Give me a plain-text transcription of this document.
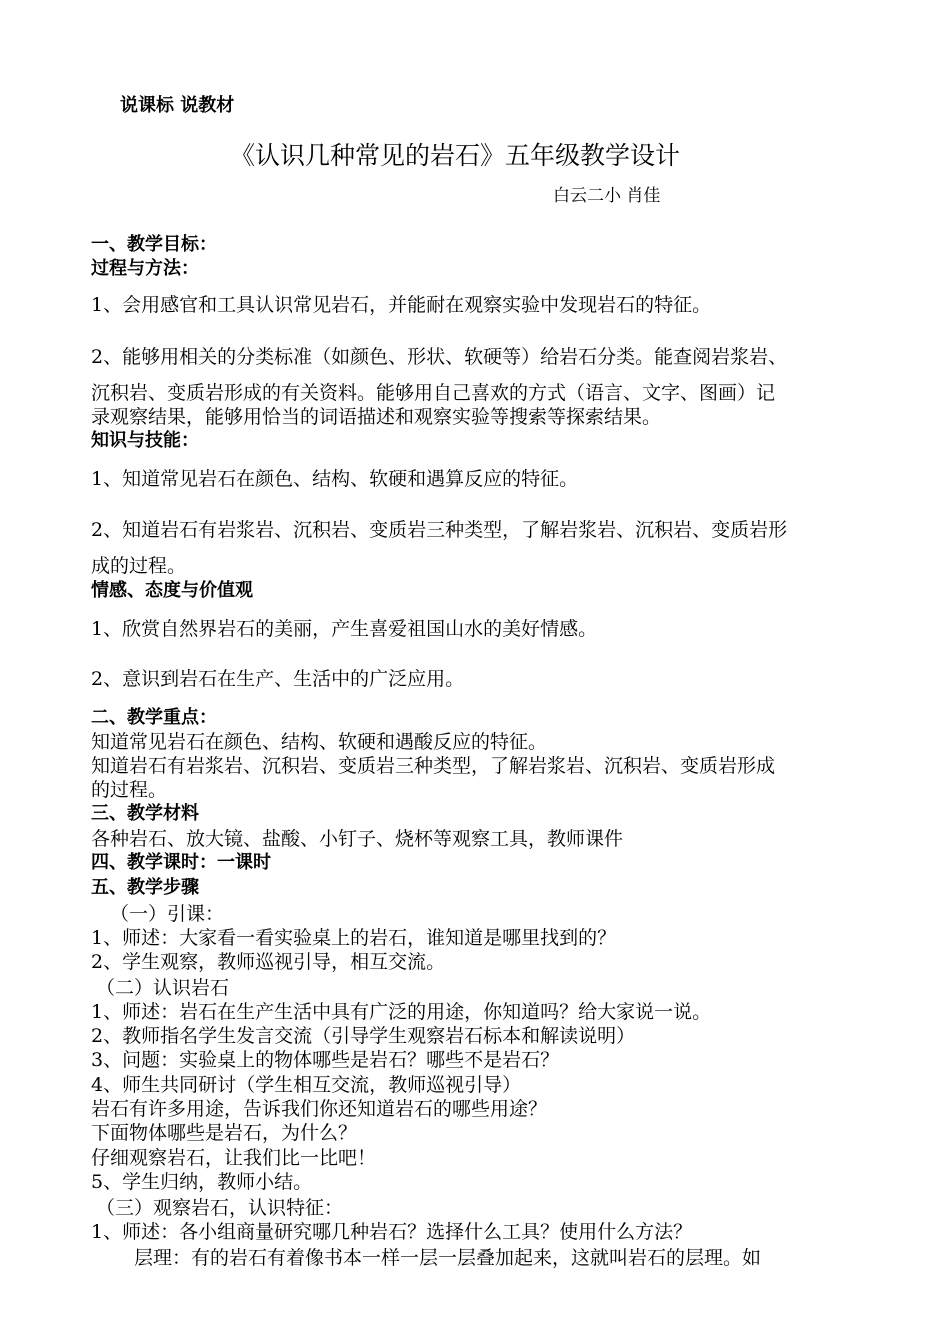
说课标 说教材
《认识几种常见的岩石》五年级教学设计
白云二小 肖佳
一、教学目标：
过程与方法：
1、会用感官和工具认识常见岩石，并能耐在观察实验中发现岩石的特征。
2、能够用相关的分类标准（如颜色、形状、软硬等）给岩石分类。能查阅岩浆岩、
沉积岩、变质岩形成的有关资料。能够用自己喜欢的方式（语言、文字、图画）记
录观察结果，能够用恰当的词语描述和观察实验等搜索等探索结果。
知识与技能：
1、知道常见岩石在颜色、结构、软硬和遇算反应的特征。
2、知道岩石有岩浆岩、沉积岩、变质岩三种类型，了解岩浆岩、沉积岩、变质岩形
成的过程。
情感、态度与价值观
1、欣赏自然界岩石的美丽，产生喜爱祖国山水的美好情感。
2、意识到岩石在生产、生活中的广泛应用。
二、教学重点：
知道常见岩石在颜色、结构、软硬和遇酸反应的特征。
知道岩石有岩浆岩、沉积岩、变质岩三种类型，了解岩浆岩、沉积岩、变质岩形成
的过程。
三、教学材料
各种岩石、放大镜、盐酸、小钉子、烧杯等观察工具，教师课件
四、教学课时：一课时
五、教学步骤
（一）引课：
1、师述：大家看一看实验桌上的岩石，谁知道是哪里找到的？
2、学生观察，教师巡视引导，相互交流。
（二）认识岩石
1、师述：岩石在生产生活中具有广泛的用途，你知道吗？给大家说一说。
2、教师指名学生发言交流（引导学生观察岩石标本和解读说明）
3、问题：实验桌上的物体哪些是岩石？哪些不是岩石？
4、师生共同研讨（学生相互交流，教师巡视引导）
岩石有许多用途，告诉我们你还知道岩石的哪些用途？
下面物体哪些是岩石，为什么？
仔细观察岩石，让我们比一比吧！
5、学生归纳，教师小结。
（三）观察岩石，认识特征：
1、师述：各小组商量研究哪几种岩石？选择什么工具？使用什么方法？
层理：有的岩石有着像书本一样一层一层叠加起来，这就叫岩石的层理。如
